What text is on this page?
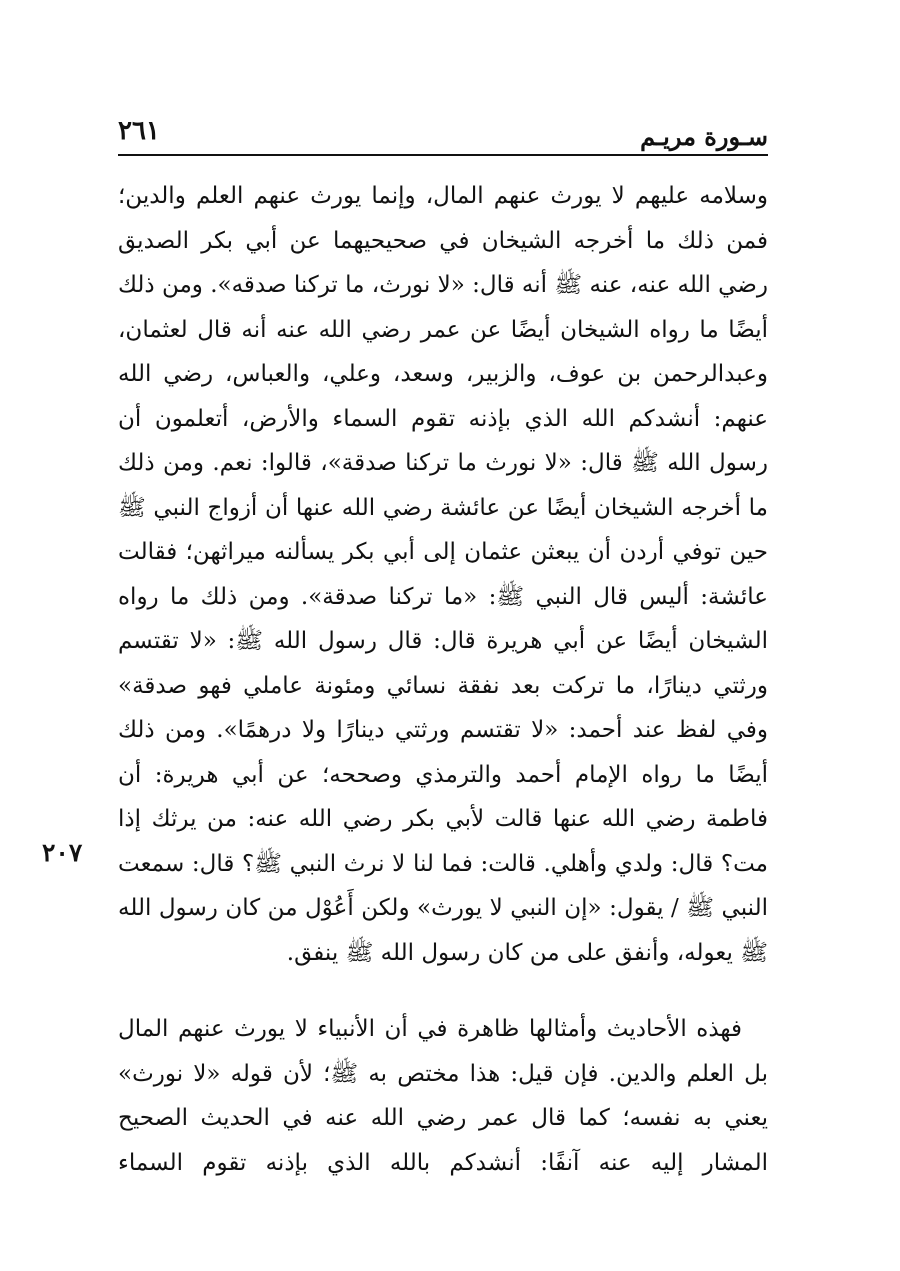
سـورة مريـم
٢٦١

وسلامه عليهم لا يورث عنهم المال، وإنما يورث عنهم العلم والدين؛ فمن ذلك ما أخرجه الشيخان في صحيحيهما عن أبي بكر الصديق رضي الله عنه، عنه ﷺ أنه قال: «لا نورث، ما تركنا صدقه». ومن ذلك أيضًا ما رواه الشيخان أيضًا عن عمر رضي الله عنه أنه قال لعثمان، وعبدالرحمن بن عوف، والزبير، وسعد، وعلي، والعباس، رضي الله عنهم: أنشدكم الله الذي بإذنه تقوم السماء والأرض، أتعلمون أن رسول الله ﷺ قال: «لا نورث ما تركنا صدقة»، قالوا: نعم. ومن ذلك ما أخرجه الشيخان أيضًا عن عائشة رضي الله عنها أن أزواج النبي ﷺ حين توفي أردن أن يبعثن عثمان إلى أبي بكر يسألنه ميراثهن؛ فقالت عائشة: أليس قال النبي ﷺ: «ما تركنا صدقة». ومن ذلك ما رواه الشيخان أيضًا عن أبي هريرة قال: قال رسول الله ﷺ: «لا تقتسم ورثتي دينارًا، ما تركت بعد نفقة نسائي ومئونة عاملي فهو صدقة» وفي لفظ عند أحمد: «لا تقتسم ورثتي دينارًا ولا درهمًا». ومن ذلك أيضًا ما رواه الإمام أحمد والترمذي وصححه؛ عن أبي هريرة: أن فاطمة رضي الله عنها قالت لأبي بكر رضي الله عنه: من يرثك إذا مت؟ قال: ولدي وأهلي. قالت: فما لنا لا نرث النبي ﷺ؟ قال: سمعت النبي ﷺ / يقول: «إن النبي لا يورث» ولكن أَعُوْل من كان رسول الله ﷺ يعوله، وأنفق على من كان رسول الله ﷺ ينفق.

فهذه الأحاديث وأمثالها ظاهرة في أن الأنبياء لا يورث عنهم المال بل العلم والدين. فإن قيل: هذا مختص به ﷺ؛ لأن قوله «لا نورث» يعني به نفسه؛ كما قال عمر رضي الله عنه في الحديث الصحيح المشار إليه عنه آنفًا: أنشدكم بالله الذي بإذنه تقوم السماء

٢٠٧
